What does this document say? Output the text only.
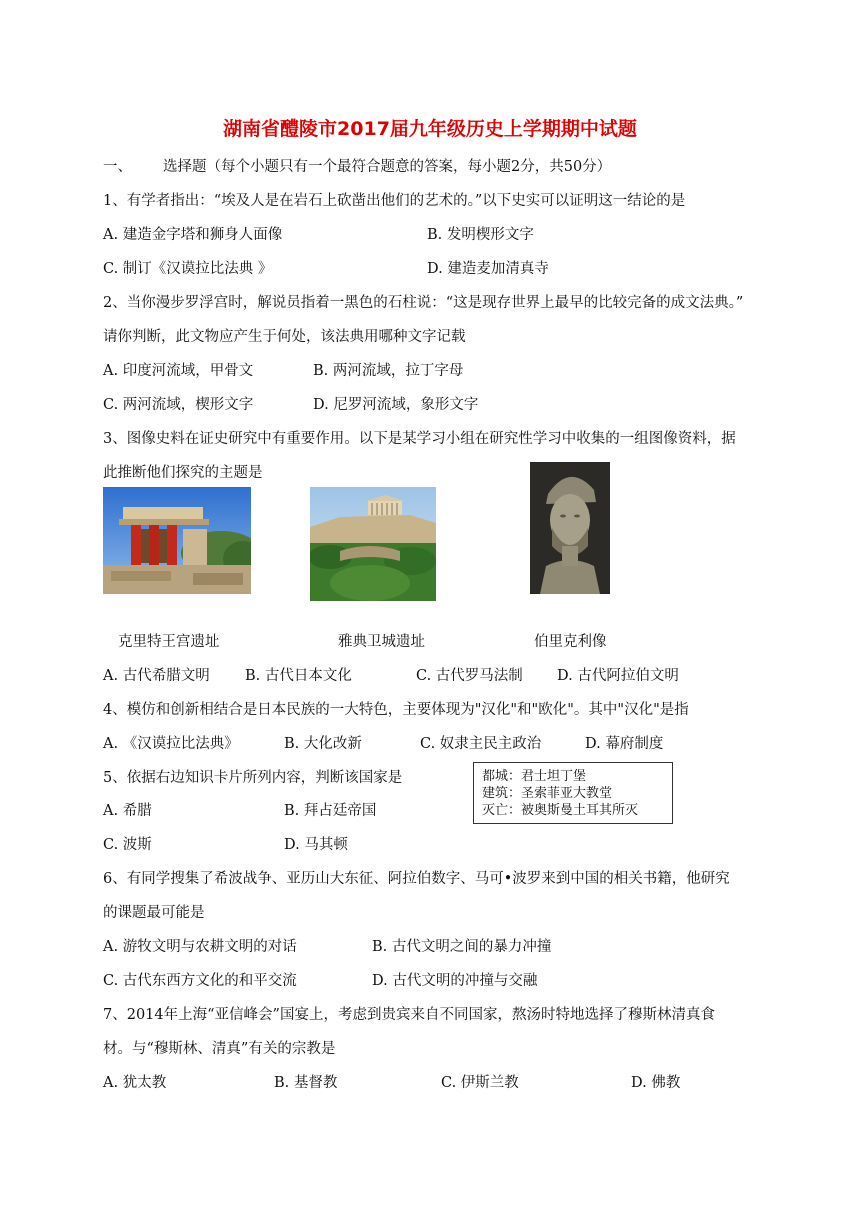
湖南省醴陵市2017届九年级历史上学期期中试题
一、 选择题（每个小题只有一个最符合题意的答案，每小题2分，共50分）
1、有学者指出：“埃及人是在岩石上砍凿出他们的艺术的。”以下史实可以证明这一结论的是
A. 建造金字塔和狮身人面像	B. 发明楔形文字
C. 制订《汉谟拉比法典 》	D. 建造麦加清真寺
2、当你漫步罗浮宫时，解说员指着一黑色的石柱说：“这是现存世界上最早的比较完备的成文法典。”
请你判断，此文物应产生于何处，该法典用哪种文字记载
A. 印度河流域，甲骨文	B. 两河流域，拉丁字母
C. 两河流域，楔形文字	D. 尼罗河流域，象形文字
3、图像史料在证史研究中有重要作用。以下是某学习小组在研究性学习中收集的一组图像资料，据
此推断他们探究的主题是
克里特王宫遗址	雅典卫城遗址	伯里克利像
A. 古代希腊文明 B. 古代日本文化	C. 古代罗马法制 D. 古代阿拉伯文明
4、模仿和创新相结合是日本民族的一大特色，主要体现为"汉化"和"欧化"。其中"汉化"是指
A. 《汉谟拉比法典》	B. 大化改新	C. 奴隶主民主政治	D. 幕府制度
5、依据右边知识卡片所列内容，判断该国家是	都城：君士坦丁堡
建筑：圣索菲亚大教堂
灭亡：被奥斯曼土耳其所灭
A. 希腊	B. 拜占廷帝国
C. 波斯	D. 马其顿
6、有同学搜集了希波战争、亚历山大东征、阿拉伯数字、马可•波罗来到中国的相关书籍，他研究
的课题最可能是
A. 游牧文明与农耕文明的对话	B. 古代文明之间的暴力冲撞
C. 古代东西方文化的和平交流	D. 古代文明的冲撞与交融
7、2014年上海“亚信峰会”国宴上，考虑到贵宾来自不同国家，熬汤时特地选择了穆斯林清真食
材。与“穆斯林、清真”有关的宗教是
A. 犹太教	B. 基督教	C. 伊斯兰教	D. 佛教
